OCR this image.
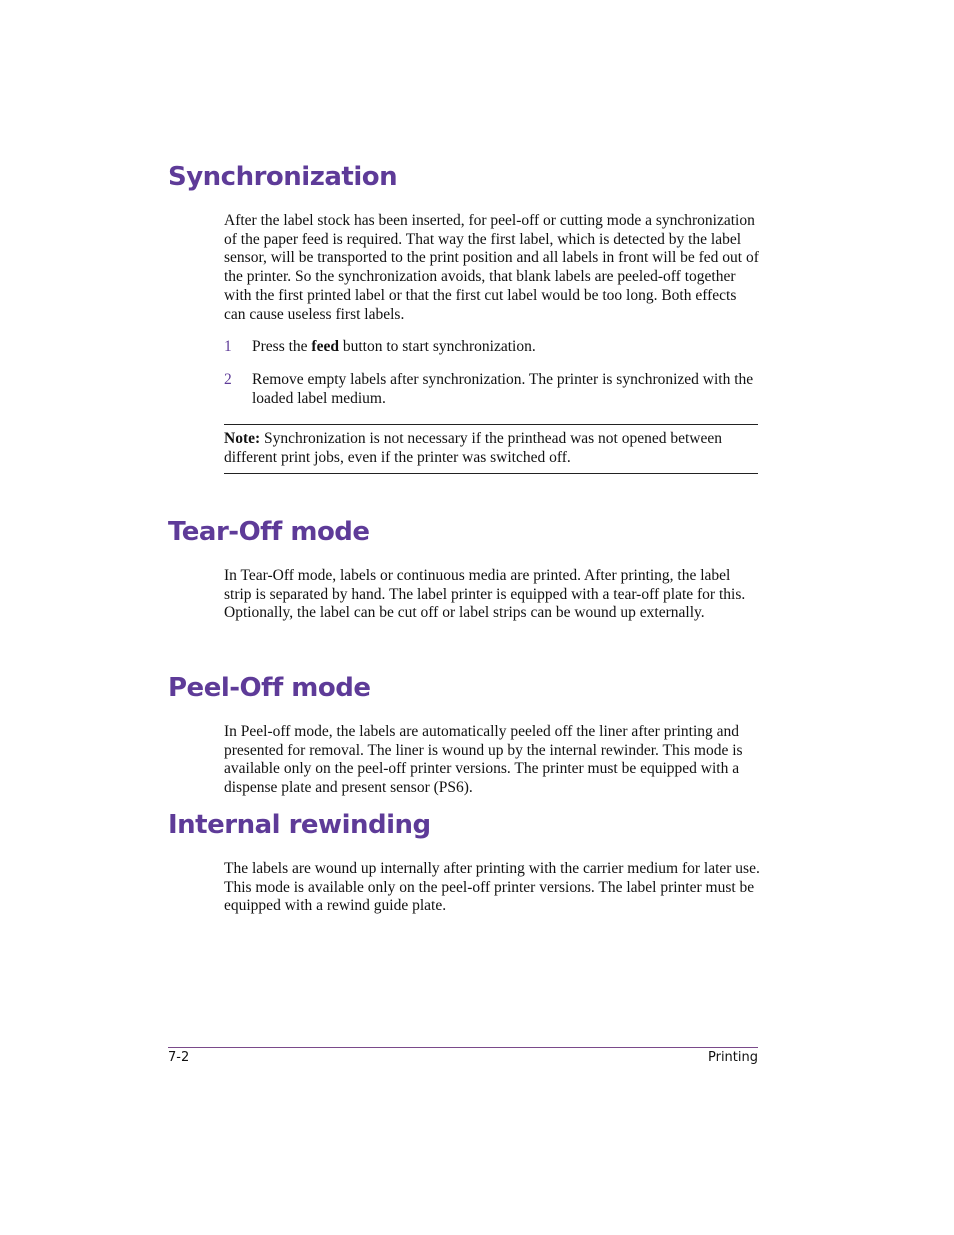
Synchronization

After the label stock has been inserted, for peel-off or cutting mode a synchronization of the paper feed is required. That way the first label, which is detected by the label sensor, will be transported to the print position and all labels in front will be fed out of the printer. So the synchronization avoids, that blank labels are peeled-off together with the first printed label or that the first cut label would be too long. Both effects can cause useless first labels.

1 Press the feed button to start synchronization.
2 Remove empty labels after synchronization. The printer is synchronized with the loaded label medium.

Note: Synchronization is not necessary if the printhead was not opened between different print jobs, even if the printer was switched off.

Tear-Off mode

In Tear-Off mode, labels or continuous media are printed. After printing, the label strip is separated by hand. The label printer is equipped with a tear-off plate for this. Optionally, the label can be cut off or label strips can be wound up externally.

Peel-Off mode

In Peel-off mode, the labels are automatically peeled off the liner after printing and presented for removal. The liner is wound up by the internal rewinder. This mode is available only on the peel-off printer versions. The printer must be equipped with a dispense plate and present sensor (PS6).

Internal rewinding

The labels are wound up internally after printing with the carrier medium for later use. This mode is available only on the peel-off printer versions. The label printer must be equipped with a rewind guide plate.

7-2	Printing
